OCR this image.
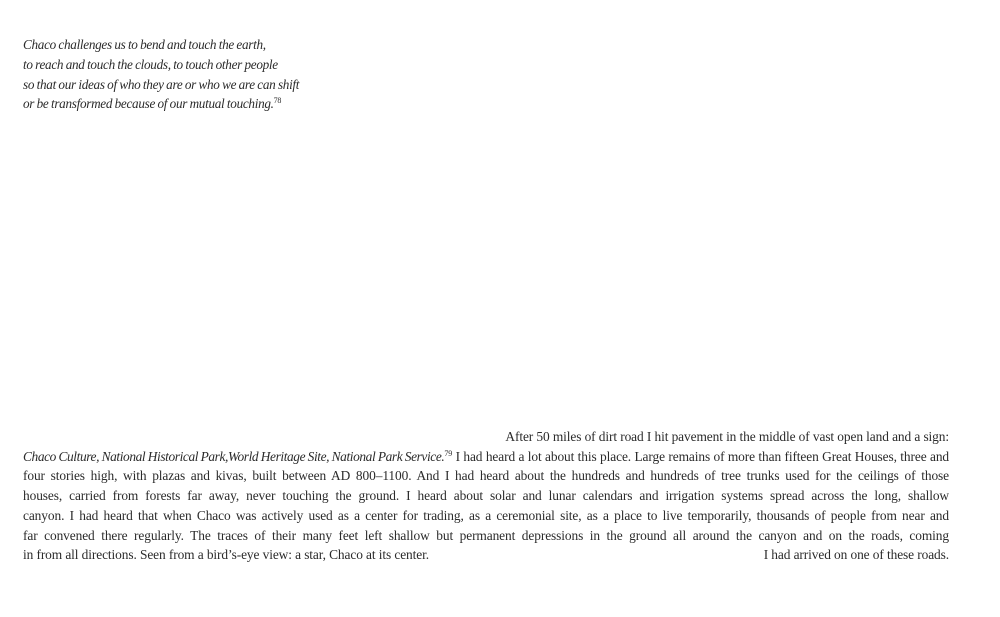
Chaco challenges us to bend and touch the earth,
to reach and touch the clouds, to touch other people
so that our ideas of who they are or who we are can shift
or be transformed because of our mutual touching.$^{78}$
After 50 miles of dirt road I hit pavement in the middle of vast open land and a sign:
Chaco Culture, National Historical Park,World Heritage Site, National Park Service.$^{79}$ I had heard a lot about this place. Large remains of more than fifteen Great Houses, three and
four stories high, with plazas and kivas, built between AD 800–1100. And I had heard about the hundreds and hundreds of tree trunks used for the ceilings of those
houses, carried from forests far away, never touching the ground. I heard about solar and lunar calendars and irrigation systems spread across the long, shallow
canyon. I had heard that when Chaco was actively used as a center for trading, as a ceremonial site, as a place to live temporarily, thousands of people from near and
far convened there regularly. The traces of their many feet left shallow but permanent depressions in the ground all around the canyon and on the roads, coming
in from all directions. Seen from a bird’s-eye view: a star, Chaco at its center.	I had arrived on one of these roads.
